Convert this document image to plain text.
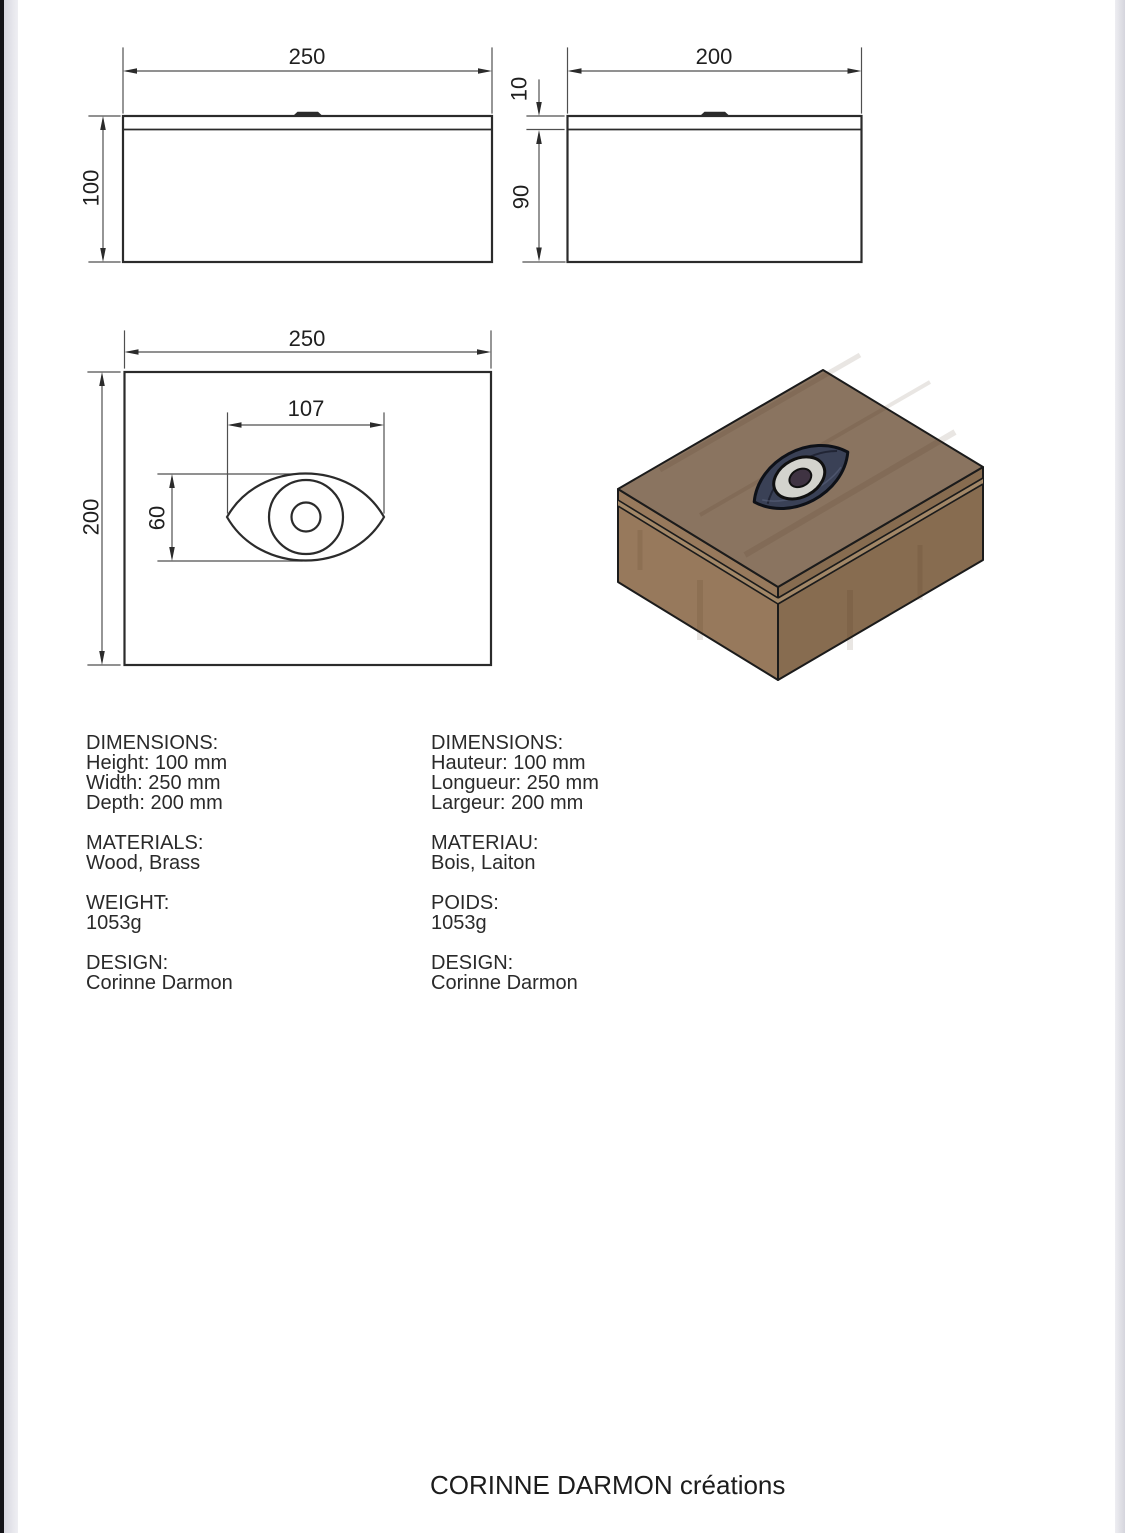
250
100
200
10
90
250
200
107
60
DIMENSIONS:
Height: 100 mm
Width: 250 mm
Depth: 200 mm
MATERIALS:
Wood, Brass
WEIGHT:
1053g
DESIGN:
Corinne Darmon
DIMENSIONS:
Hauteur: 100 mm
Longueur: 250 mm
Largeur: 200 mm
MATERIAU:
Bois, Laiton
POIDS:
1053g
DESIGN:
Corinne Darmon
CORINNE DARMON créations
